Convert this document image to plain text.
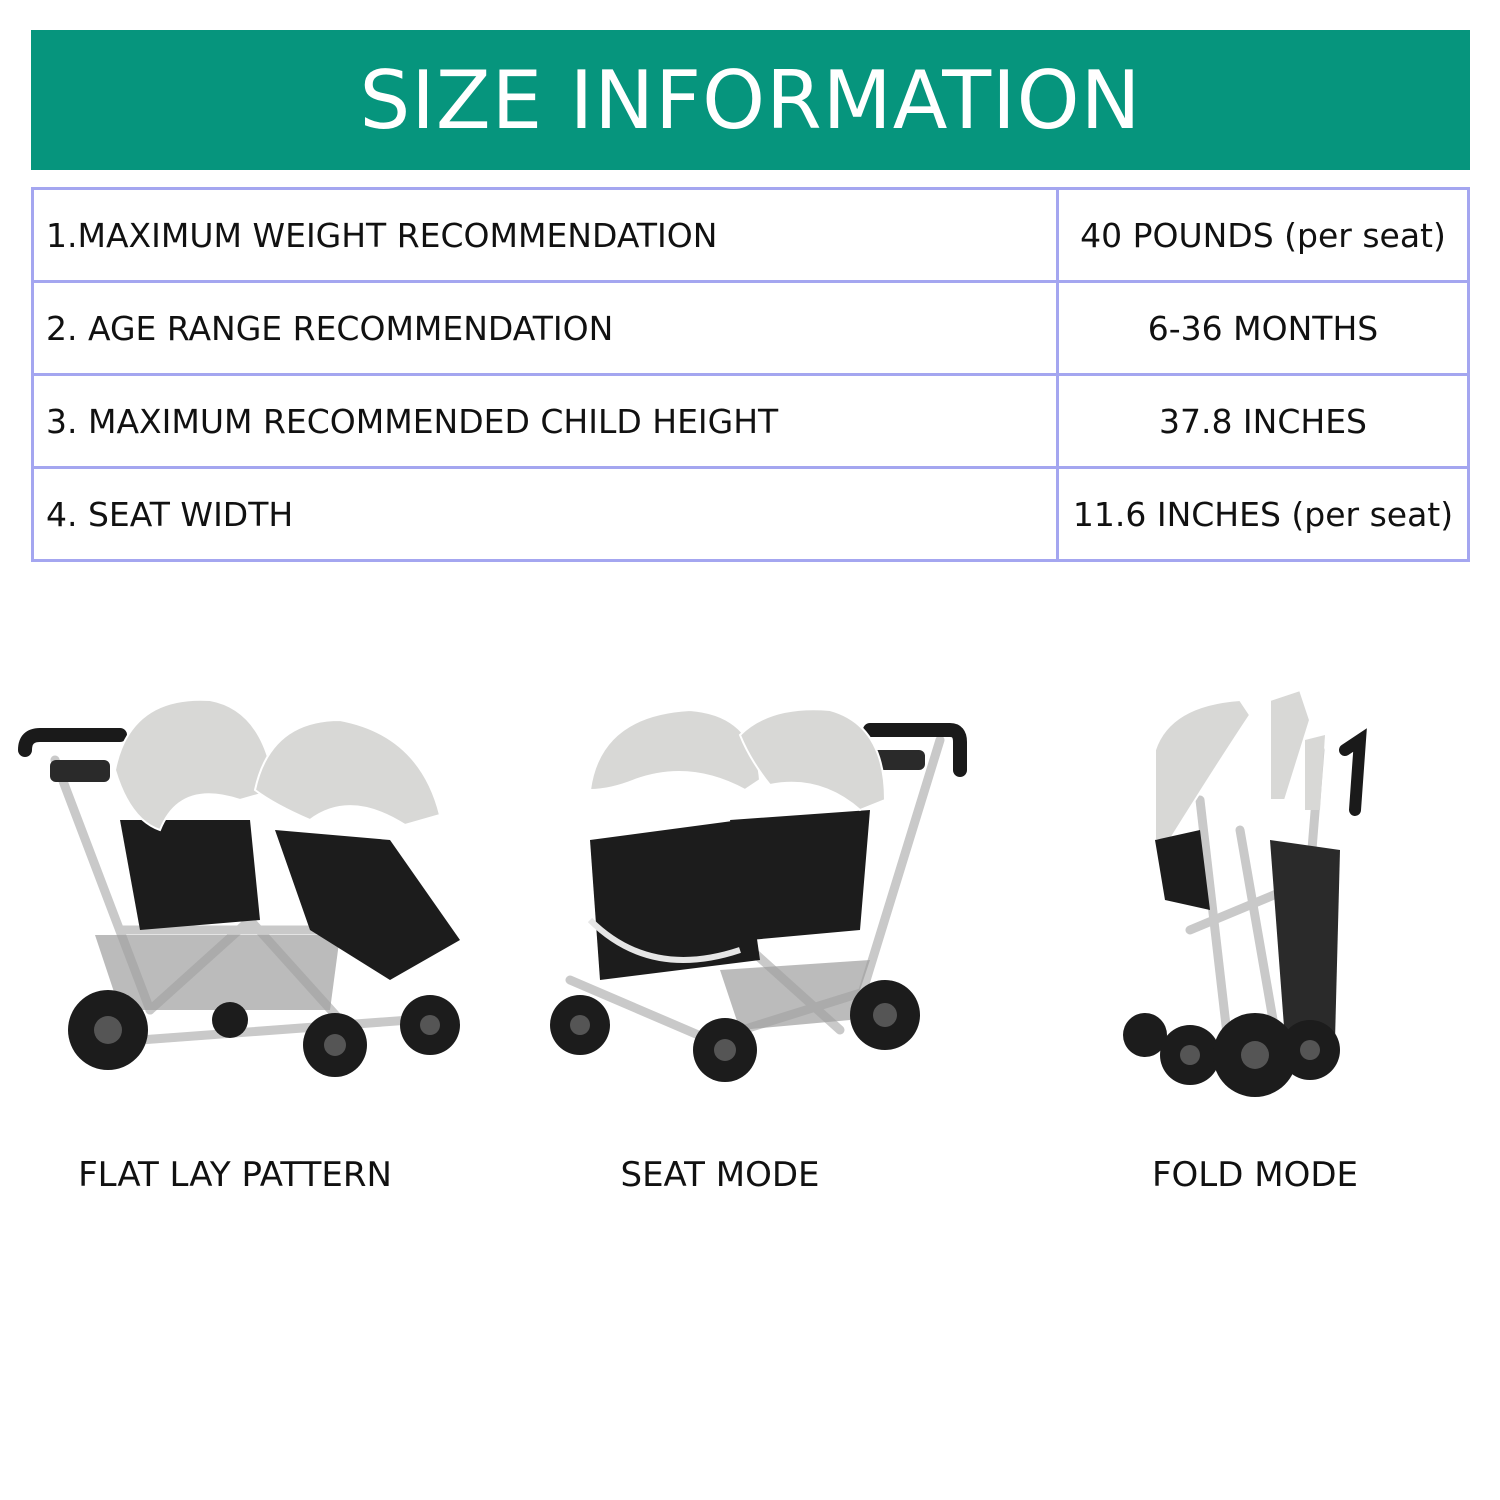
SIZE INFORMATION
1.MAXIMUM WEIGHT RECOMMENDATION	40 POUNDS (per seat)
2. AGE RANGE RECOMMENDATION	6-36 MONTHS
3. MAXIMUM RECOMMENDED CHILD HEIGHT	37.8 INCHES
4. SEAT WIDTH	11.6 INCHES (per seat)
FLAT LAY PATTERN	SEAT MODE	FOLD MODE
